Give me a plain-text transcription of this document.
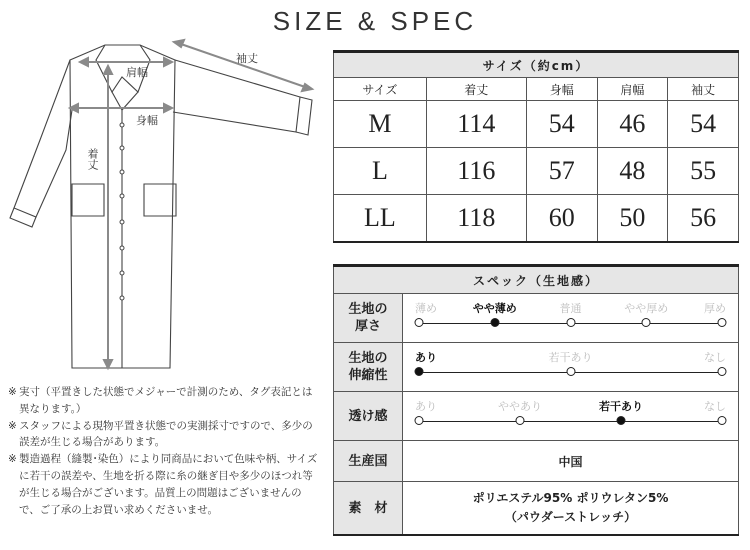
SIZE & SPEC
袖丈
肩幅
身幅
着丈

※ 実寸（平置きした状態でメジャーで計測のため、タグ表記とは異なります。）

※ スタッフによる現物平置き状態での実測採寸ですので、多少の誤差が生じる場合があります。

※ 製造過程（縫製･染色）により同商品において色味や柄、サイズに若干の誤差や、生地を折る際に糸の継ぎ目や多少のほつれ等が生じる場合がございます。品質上の問題はございませんので、ご了承の上お買い求めくださいませ。

サイズ（約cm）				
サイズ	着丈	身幅	肩幅	袖丈
M	114	54	46	54
L	116	57	48	55
LL	118	60	50	56
スペック（生地感）	
生地の
厚さ	薄め やや薄め 普通 やや厚め 厚め

生地の
伸縮性	あり 若干あり なし

透け感	あり ややあり 若干あり なし

生産国	中国
素　材	ポリエステル95% ポリウレタン5%
（パウダーストレッチ）
